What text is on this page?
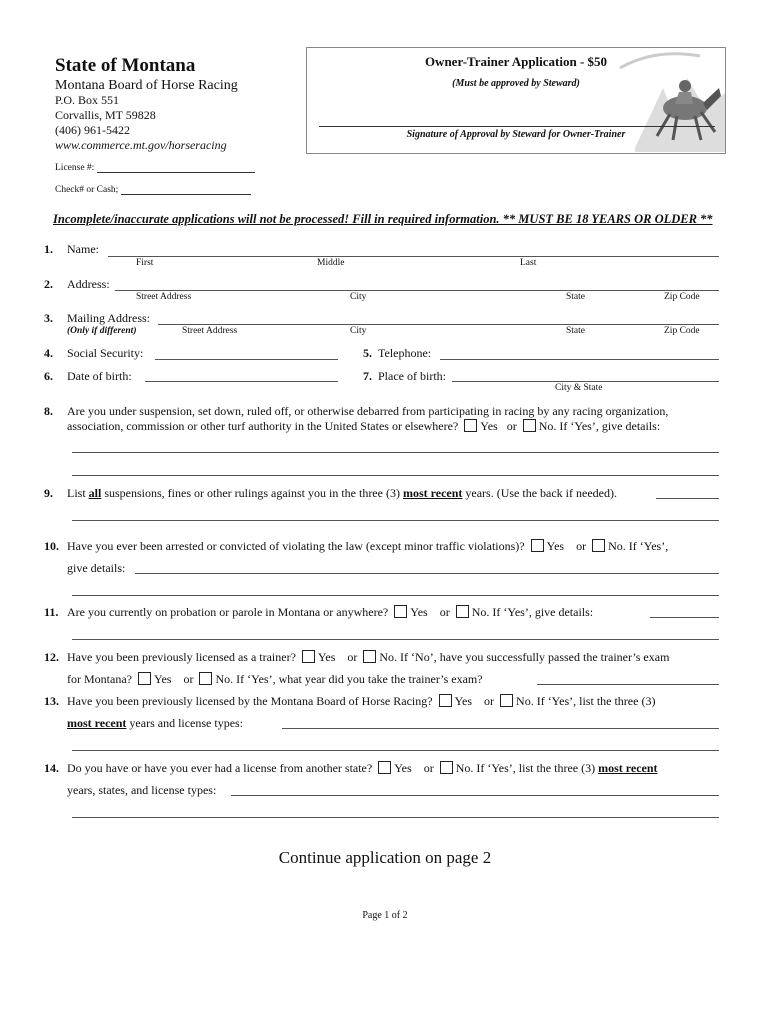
State of Montana
Montana Board of Horse Racing
P.O. Box 551
Corvallis, MT 59828
(406) 961-5422
www.commerce.mt.gov/horseracing
License #:
Check# or Cash;
Owner-Trainer Application - $50
(Must be approved by Steward)
Signature of Approval by Steward for Owner-Trainer
Incomplete/inaccurate applications will not be processed! Fill in required information. ** MUST BE 18 YEARS OR OLDER **
1. Name:
First	Middle	Last
2. Address:
Street Address	City	State	Zip Code
3. Mailing Address:
(Only if different)	Street Address	City	State	Zip Code
4. Social Security:	5. Telephone:
6. Date of birth:	7. Place of birth:
City & State
8. Are you under suspension, set down, ruled off, or otherwise debarred from participating in racing by any racing organization,
association, commission or other turf authority in the United States or elsewhere? Yes or No. If ‘Yes’, give details:
9. List all suspensions, fines or other rulings against you in the three (3) most recent years. (Use the back if needed).
10. Have you ever been arrested or convicted of violating the law (except minor traffic violations)? Yes or No. If ‘Yes’,
give details:
11. Are you currently on probation or parole in Montana or anywhere? Yes or No. If ‘Yes’, give details:
12. Have you been previously licensed as a trainer? Yes or No. If ‘No’, have you successfully passed the trainer’s exam
for Montana? Yes or No. If ‘Yes’, what year did you take the trainer’s exam?
13. Have you been previously licensed by the Montana Board of Horse Racing? Yes or No. If ‘Yes’, list the three (3)
most recent years and license types:
14. Do you have or have you ever had a license from another state? Yes or No. If ‘Yes’, list the three (3) most recent
years, states, and license types:
Continue application on page 2
Page 1 of 2
